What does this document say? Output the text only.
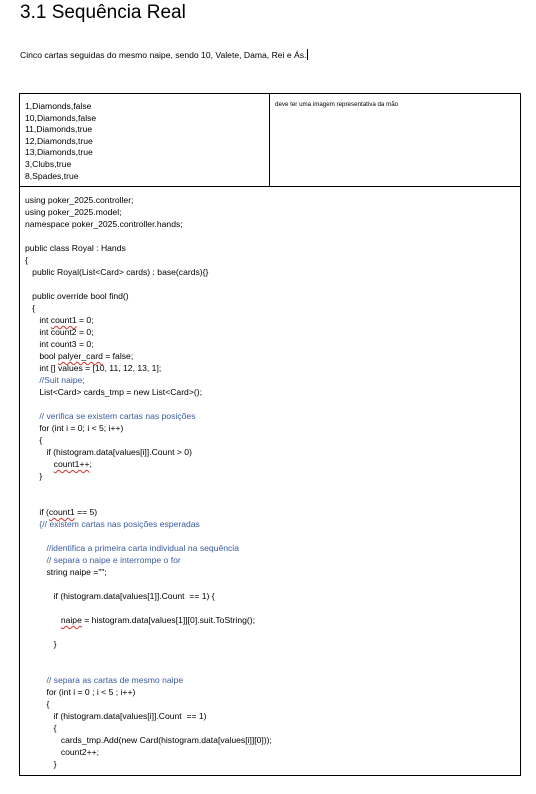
3.1 Sequência Real

Cinco cartas seguidas do mesmo naipe, sendo 10, Valete, Dama, Rei e Ás.

1,Diamonds,false
10,Diamonds,false
11,Diamonds,true
12,Diamonds,true
13,Diamonds,true
3,Clubs,true
8,Spades,true
deve ter uma imagem representativa da mão
using poker_2025.controller;
using poker_2025.model;
namespace poker_2025.controller.hands;
public class Royal : Hands
{
public Royal(List<Card> cards) : base(cards){}
public override bool find()
{
int count1 = 0;
int count2 = 0;
int count3 = 0;
bool palyer_card = false;
int [] values = [10, 11, 12, 13, 1];
//Suit naipe;
List<Card> cards_tmp = new List<Card>();
// verifica se existem cartas nas posições
for (int i = 0; i < 5; i++)
{
if (histogram.data[values[i]].Count > 0)
count1++;
}
if (count1 == 5)
{// existem cartas nas posições esperadas
//identifica a primeira carta individual na sequência
// separa o naipe e interrompe o for
string naipe ="";
if (histogram.data[values[1]].Count  == 1) {
naipe = histogram.data[values[1]][0].suit.ToString();
}
// separa as cartas de mesmo naipe
for (int i = 0 ; i < 5 ; i++)
{
if (histogram.data[values[i]].Count  == 1)
{
cards_tmp.Add(new Card(histogram.data[values[i]][0]));
count2++;
}
